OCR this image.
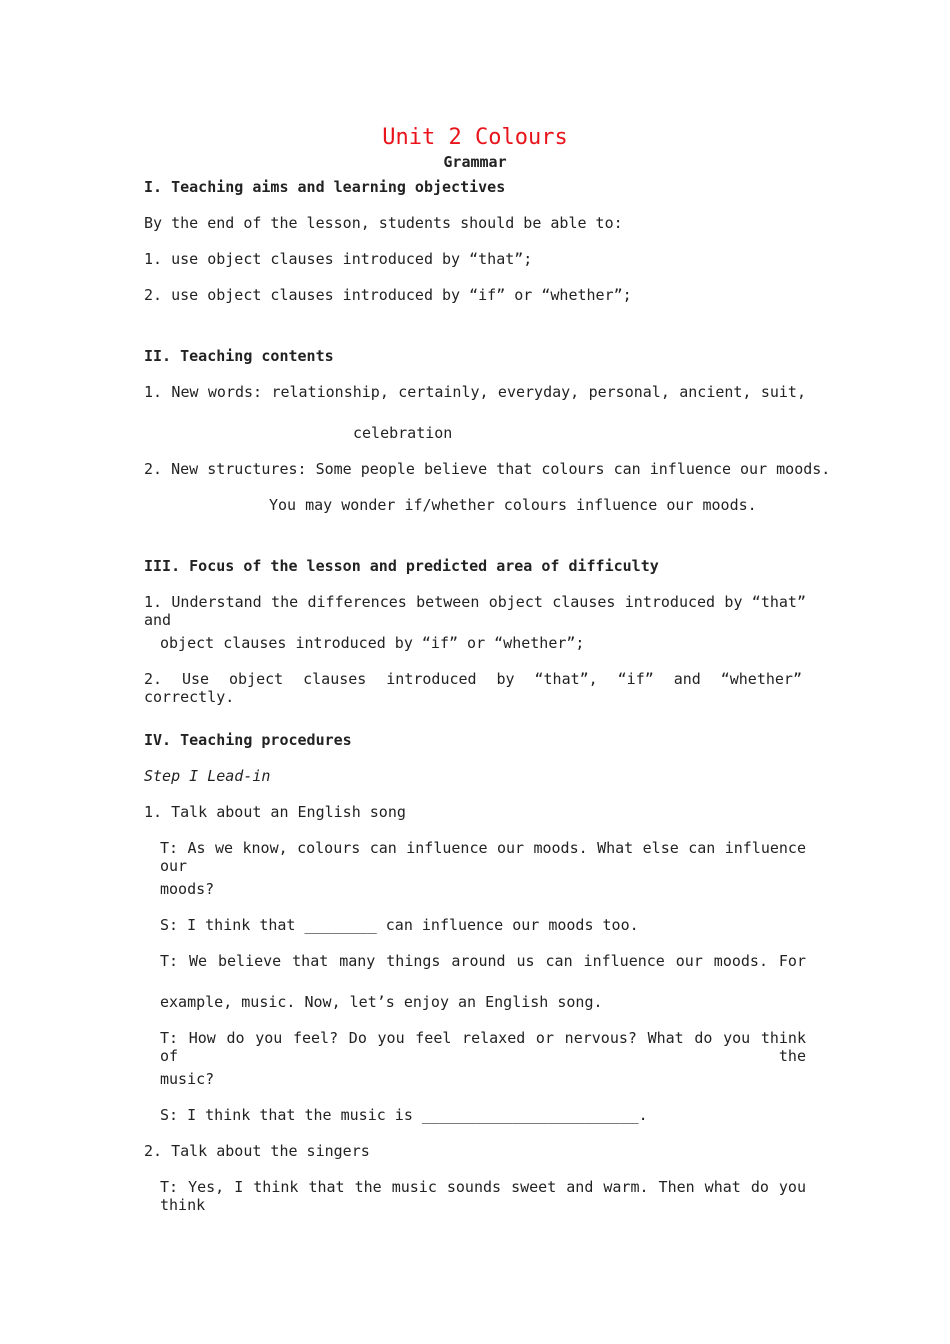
Unit 2 Colours
Grammar
I. Teaching aims and learning objectives
By the end of the lesson, students should be able to:
1. use object clauses introduced by “that”;
2. use object clauses introduced by “if” or “whether”;
II. Teaching contents
1. New words: relationship, certainly, everyday, personal, ancient, suit,
celebration
2. New structures: Some people believe that colours can influence our moods.
You may wonder if/whether colours influence our moods.
III. Focus of the lesson and predicted area of difficulty
1. Understand the differences between object clauses introduced by “that” and
object clauses introduced by “if” or “whether”;
2. Use object clauses introduced by “that”, “if” and “whether” correctly.
IV. Teaching procedures
Step I Lead-in
1. Talk about an English song
T: As we know, colours can influence our moods. What else can influence our
moods?
S: I think that ________ can influence our moods too.
T: We believe that many things around us can influence our moods. For
example, music. Now, let’s enjoy an English song.
T: How do you feel? Do you feel relaxed or nervous? What do you think of the
music?
S: I think that the music is ________________________.
2. Talk about the singers
T: Yes, I think that the music sounds sweet and warm. Then what do you think
